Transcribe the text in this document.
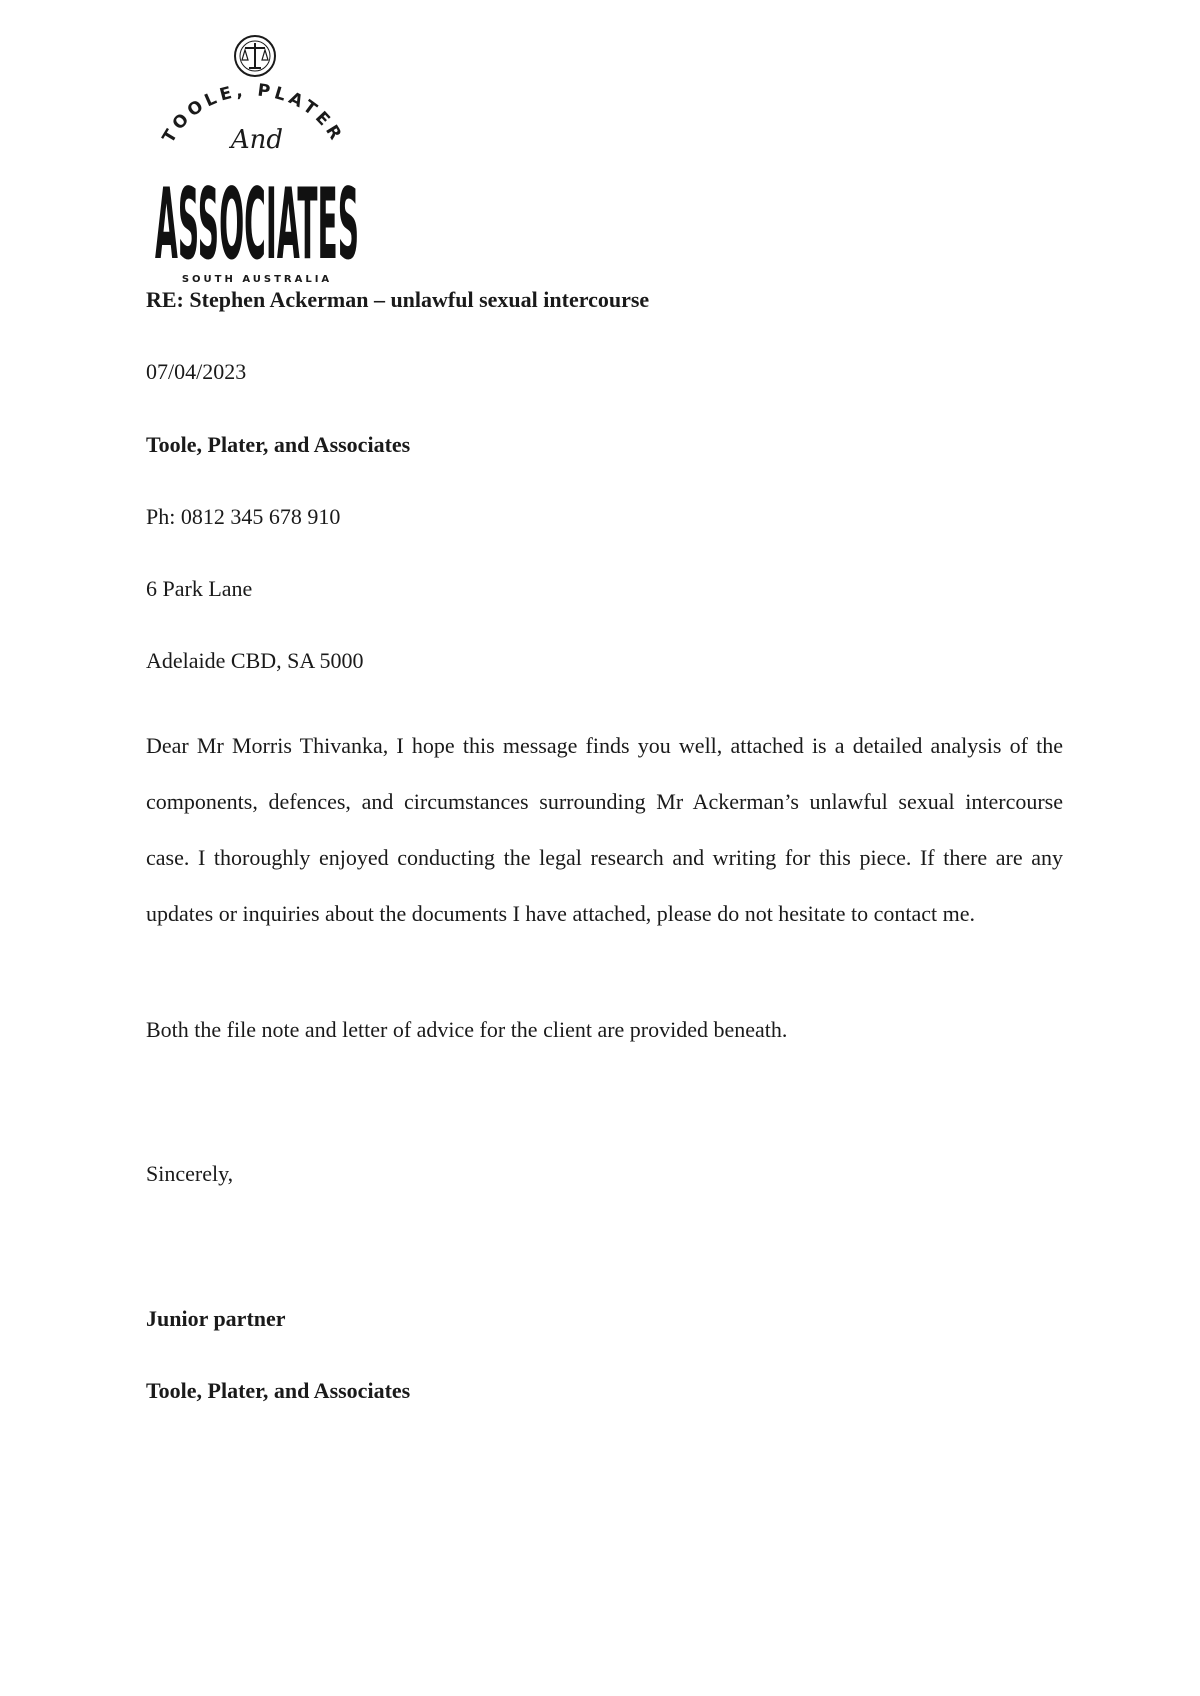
TOOLE, PLATER
And
ASSOCIATES
SOUTH AUSTRALIA
RE: Stephen Ackerman – unlawful sexual intercourse
07/04/2023
Toole, Plater, and Associates
Ph: 0812 345 678 910
6 Park Lane
Adelaide CBD, SA 5000

Dear Mr Morris Thivanka, I hope this message finds you well, attached is a detailed analysis of the components, defences, and circumstances surrounding Mr Ackerman’s unlawful sexual intercourse case. I thoroughly enjoyed conducting the legal research and writing for this piece. If there are any updates or inquiries about the documents I have attached, please do not hesitate to contact me.

Both the file note and letter of advice for the client are provided beneath.
Sincerely,
Junior partner
Toole, Plater, and Associates
